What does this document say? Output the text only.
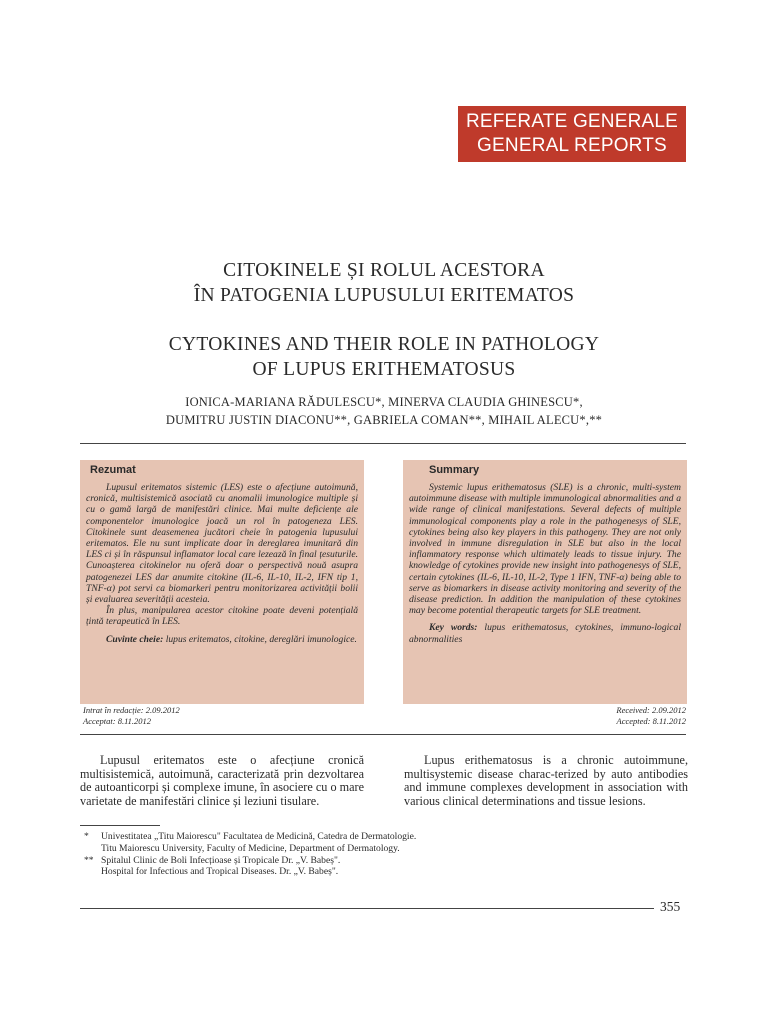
REFERATE GENERALE
GENERAL REPORTS
CITOKINELE ȘI ROLUL ACESTORA
ÎN PATOGENIA LUPUSULUI ERITEMATOS
CYTOKINES AND THEIR ROLE IN PATHOLOGY
OF LUPUS ERITHEMATOSUS
IONICA-MARIANA RĂDULESCU*, MINERVA CLAUDIA GHINESCU*,
DUMITRU JUSTIN DIACONU**, GABRIELA COMAN**, MIHAIL ALECU*,**
Rezumat

Lupusul eritematos sistemic (LES) este o afecțiune autoimună, cronică, multisistemică asociată cu anomalii imunologice multiple și cu o gamă largă de manifestări clinice. Mai multe deficiențe ale componentelor imunologice joacă un rol în patogeneza LES. Citokinele sunt deasemenea jucători cheie în patogenia lupusului eritematos. Ele nu sunt implicate doar în dereglarea imunitară din LES ci și în răspunsul inflamator local care lezează în final țesuturile. Cunoașterea citokinelor nu oferă doar o perspectivă nouă asupra patogenezei LES dar anumite citokine (IL-6, IL-10, IL-2, IFN tip 1, TNF-α) pot servi ca biomarkeri pentru monitorizarea activității bolii și evaluarea severității acesteia.

În plus, manipularea acestor citokine poate deveni potențială țintă terapeutică în LES.

Cuvinte cheie: lupus eritematos, citokine, dereglări imunologice.
Summary

Systemic lupus erithematosus (SLE) is a chronic, multi-system autoimmune disease with multiple immunological abnormalities and a wide range of clinical manifestations. Several defects of multiple immunological components play a role in the pathogenesys of SLE, cytokines being also key players in this pathogeny. They are not only involved in immune disregulation in SLE but also in the local inflammatory response which ultimately leads to tissue injury. The knowledge of cytokines provide new insight into pathogenesys of SLE, certain cytokines (IL-6, IL-10, IL-2, Type 1 IFN, TNF-α) being able to serve as biomarkers in disease activity monitoring and severity of the disease prediction. In addition the manipulation of these cytokines may become potential therapeutic targets for SLE treatment.

Key words: lupus erithematosus, cytokines, immuno-logical abnormalities
Intrat în redacție: 2.09.2012
Acceptat: 8.11.2012
Received: 2.09.2012
Accepted: 8.11.2012

Lupusul eritematos este o afecțiune cronică multisistemică, autoimună, caracterizată prin dezvoltarea de autoanticorpi și complexe imune, în asociere cu o mare varietate de manifestări clinice și leziuni tisulare.

Lupus erithematosus is a chronic autoimmune, multisystemic disease charac-terized by auto antibodies and immune complexes development in association with various clinical determinations and tissue lesions.

* Univestitatea „Titu Maiorescu" Facultatea de Medicină, Catedra de Dermatologie.
Titu Maiorescu University, Faculty of Medicine, Department of Dermatology.
** Spitalul Clinic de Boli Infecțioase și Tropicale Dr. „V. Babeș".
Hospital for Infectious and Tropical Diseases. Dr. „V. Babeș".
355
